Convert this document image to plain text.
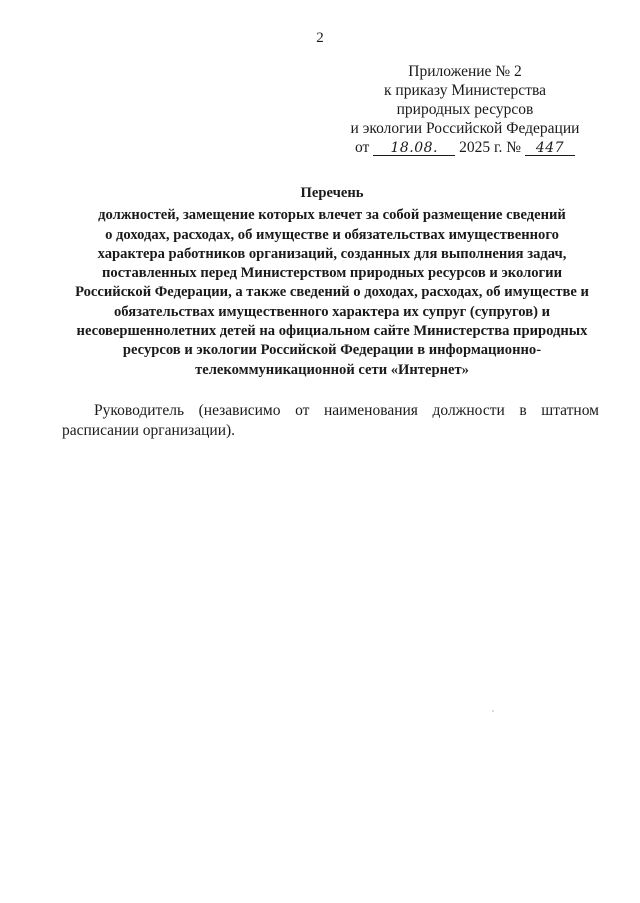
2
Приложение № 2
к приказу Министерства
природных ресурсов
и экологии Российской Федерации
от 18.08. 2025 г. № 447
Перечень
должностей, замещение которых влечет за собой размещение сведений
о доходах, расходах, об имуществе и обязательствах имущественного
характера работников организаций, созданных для выполнения задач,
поставленных перед Министерством природных ресурсов и экологии
Российской Федерации, а также сведений о доходах, расходах, об имуществе и
обязательствах имущественного характера их супруг (супругов) и
несовершеннолетних детей на официальном сайте Министерства природных
ресурсов и экологии Российской Федерации в информационно-
телекоммуникационной сети «Интернет»
Руководитель (независимо от наименования должности в штатном расписании организации).
